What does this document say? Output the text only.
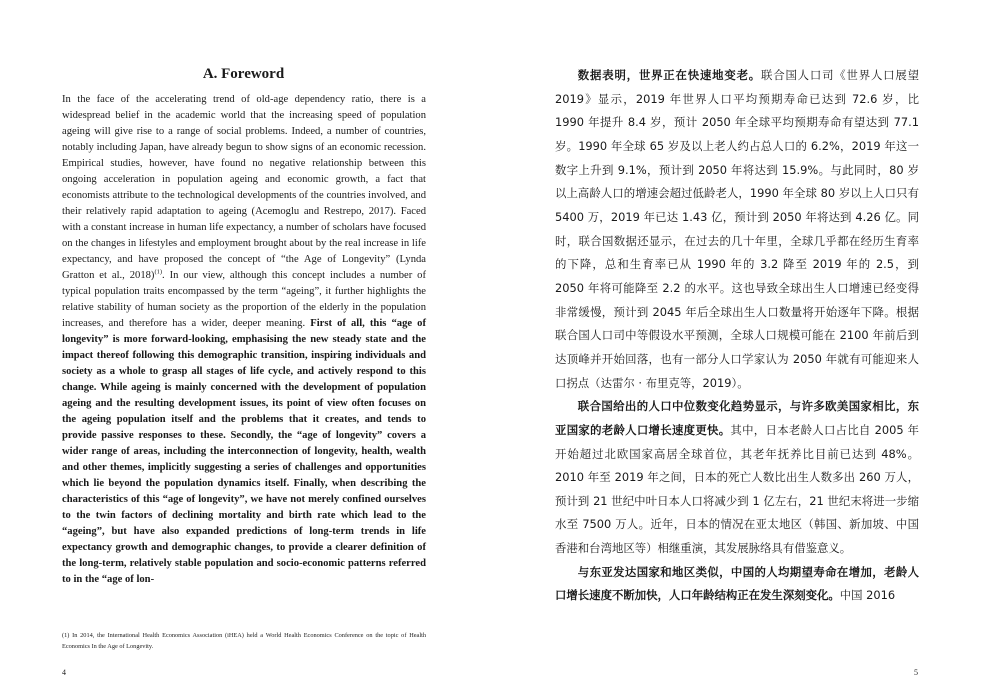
A. Foreword

In the face of the accelerating trend of old-age dependency ratio, there is a widespread belief in the academic world that the increasing speed of population ageing will give rise to a range of social problems. Indeed, a number of countries, notably including Japan, have already begun to show signs of an economic recession. Empirical studies, however, have found no negative relationship between this ongoing acceleration in population ageing and economic growth, a fact that economists attribute to the technological developments of the countries involved, and their relatively rapid adaptation to ageing (Acemoglu and Restrepo, 2017). Faced with a constant increase in human life expectancy, a number of scholars have focused on the changes in lifestyles and employment brought about by the real increase in life expectancy, and have proposed the concept of “the Age of Longevity” (Lynda Gratton et al., 2018)$^{(1)}$. In our view, although this concept includes a number of typical population traits encompassed by the term “ageing”, it further highlights the relative stability of human society as the proportion of the elderly in the population increases, and therefore has a wider, deeper meaning. First of all, this “age of longevity” is more forward-looking, emphasising the new steady state and the impact thereof following this demographic transition, inspiring individuals and society as a whole to grasp all stages of life cycle, and actively respond to this change. While ageing is mainly concerned with the development of population ageing and the resulting development issues, its point of view often focuses on the ageing population itself and the problems that it creates, and tends to provide passive responses to these. Secondly, the “age of longevity” covers a wider range of areas, including the interconnection of longevity, health, wealth and other themes, implicitly suggesting a series of challenges and opportunities which lie beyond the population dynamics itself. Finally, when describing the characteristics of this “age of longevity”, we have not merely confined ourselves to the twin factors of declining mortality and birth rate which lead to the “ageing”, but have also expanded predictions of long-term trends in life expectancy growth and demographic changes, to provide a clearer definition of the long-term, relatively stable population and socio-economic patterns referred to in the “age of lon-

(1) In 2014, the International Health Economics Association (iHEA) held a World Health Economics Conference on the topic of Health Economics In the Age of Longevity.

4

数据表明，世界正在快速地变老。联合国人口司《世界人口展望2019》显示，2019 年世界人口平均预期寿命已达到 72.6 岁，比 1990 年提升 8.4 岁，预计 2050 年全球平均预期寿命有望达到 77.1 岁。1990 年全球 65 岁及以上老人约占总人口的 6.2%，2019 年这一数字上升到 9.1%，预计到 2050 年将达到 15.9%。与此同时，80 岁以上高龄人口的增速会超过低龄老人，1990 年全球 80 岁以上人口只有 5400 万，2019 年已达 1.43 亿，预计到 2050 年将达到 4.26 亿。同时，联合国数据还显示，在过去的几十年里，全球几乎都在经历生育率的下降，总和生育率已从 1990 年的 3.2 降至 2019 年的 2.5，到 2050 年将可能降至 2.2 的水平。这也导致全球出生人口增速已经变得非常缓慢，预计到 2045 年后全球出生人口数量将开始逐年下降。根据联合国人口司中等假设水平预测，全球人口规模可能在 2100 年前后到达顶峰并开始回落，也有一部分人口学家认为 2050 年就有可能迎来人口拐点（达雷尔 · 布里克等，2019）。

联合国给出的人口中位数变化趋势显示，与许多欧美国家相比，东亚国家的老龄人口增长速度更快。其中，日本老龄人口占比自 2005 年开始超过北欧国家高居全球首位，其老年抚养比目前已达到 48%。2010 年至 2019 年之间，日本的死亡人数比出生人数多出 260 万人，预计到 21 世纪中叶日本人口将减少到 1 亿左右，21 世纪末将进一步缩水至 7500 万人。近年，日本的情况在亚太地区（韩国、新加坡、中国香港和台湾地区等）相继重演，其发展脉络具有借鉴意义。

与东亚发达国家和地区类似，中国的人均期望寿命在增加，老龄人口增长速度不断加快，人口年龄结构正在发生深刻变化。中国 2016

5
